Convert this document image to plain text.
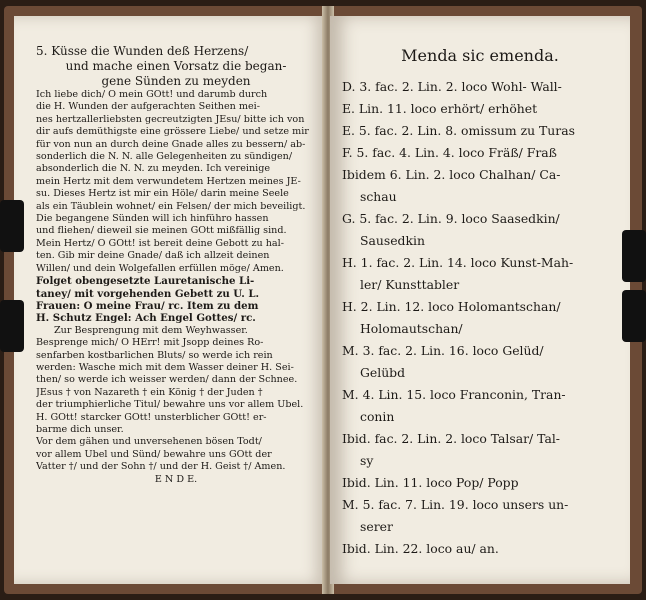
5. Küsse die Wunden deß Herzens/
und mache einen Vorsatz die began-
gene Sünden zu meyden
Ich liebe dich/ O mein GOtt! und darumb durch
die H. Wunden der aufgerachten Seithen mei-
nes hertzallerliebsten gecreutzigten JEsu/ bitte ich von
dir aufs demüthigste eine grössere Liebe/ und setze mir
für von nun an durch deine Gnade alles zu bessern/ ab-
sonderlich die N. N. alle Gelegenheiten zu sündigen/
absonderlich die N. N. zu meyden. Ich vereinige
mein Hertz mit dem verwundetem Hertzen meines JE-
su. Dieses Hertz ist mir ein Höle/ darin meine Seele
als ein Täublein wohnet/ ein Felsen/ der mich beveiligt.
Die begangene Sünden will ich hinführo hassen
und fliehen/ dieweil sie meinen GOtt mißfällig sind.
Mein Hertz/ O GOtt! ist bereit deine Gebott zu hal-
ten. Gib mir deine Gnade/ daß ich allzeit deinen
Willen/ und dein Wolgefallen erfüllen möge/ Amen.
Folget obengesetzte Lauretanische Li-
taney/ mit vorgehenden Gebett zu U. L.
Frauen: O meine Frau/ rc. Item zu dem
H. Schutz Engel: Ach Engel Gottes/ rc.
Zur Besprengung mit dem Weyhwasser.
Besprenge mich/ O HErr! mit Jsopp deines Ro-
senfarben kostbarlichen Bluts/ so werde ich rein
werden: Wasche mich mit dem Wasser deiner H. Sei-
then/ so werde ich weisser werden/ dann der Schnee.
JEsus † von Nazareth † ein König † der Juden †
der triumphierliche Titul/ bewahre uns vor allem Ubel.
H. GOtt! starcker GOtt! unsterblicher GOtt! er-
barme dich unser.
Vor dem gähen und unversehenen bösen Todt/
vor allem Ubel und Sünd/ bewahre uns GOtt der
Vatter †/ und der Sohn †/ und der H. Geist †/ Amen.
E N D E.
Menda sic emenda.
D. 3. fac. 2. Lin. 2. loco Wohl- Wall-
E. Lin. 11. loco erhört/ erhöhet
E. 5. fac. 2. Lin. 8. omissum zu Turas
F. 5. fac. 4. Lin. 4. loco Fräß/ Fraß
Ibidem 6. Lin. 2. loco Chalhan/ Ca-
schau
G. 5. fac. 2. Lin. 9. loco Saasedkin/
Sausedkin
H. 1. fac. 2. Lin. 14. loco Kunst-Mah-
ler/ Kunsttabler
H. 2. Lin. 12. loco Holomantschan/
Holomautschan/
M. 3. fac. 2. Lin. 16. loco Gelüd/
Gelübd
M. 4. Lin. 15. loco Franconin, Tran-
conin
Ibid. fac. 2. Lin. 2. loco Talsar/ Tal-
sy
Ibid. Lin. 11. loco Pop/ Popp
M. 5. fac. 7. Lin. 19. loco unsers un-
serer
Ibid. Lin. 22. loco au/ an.
